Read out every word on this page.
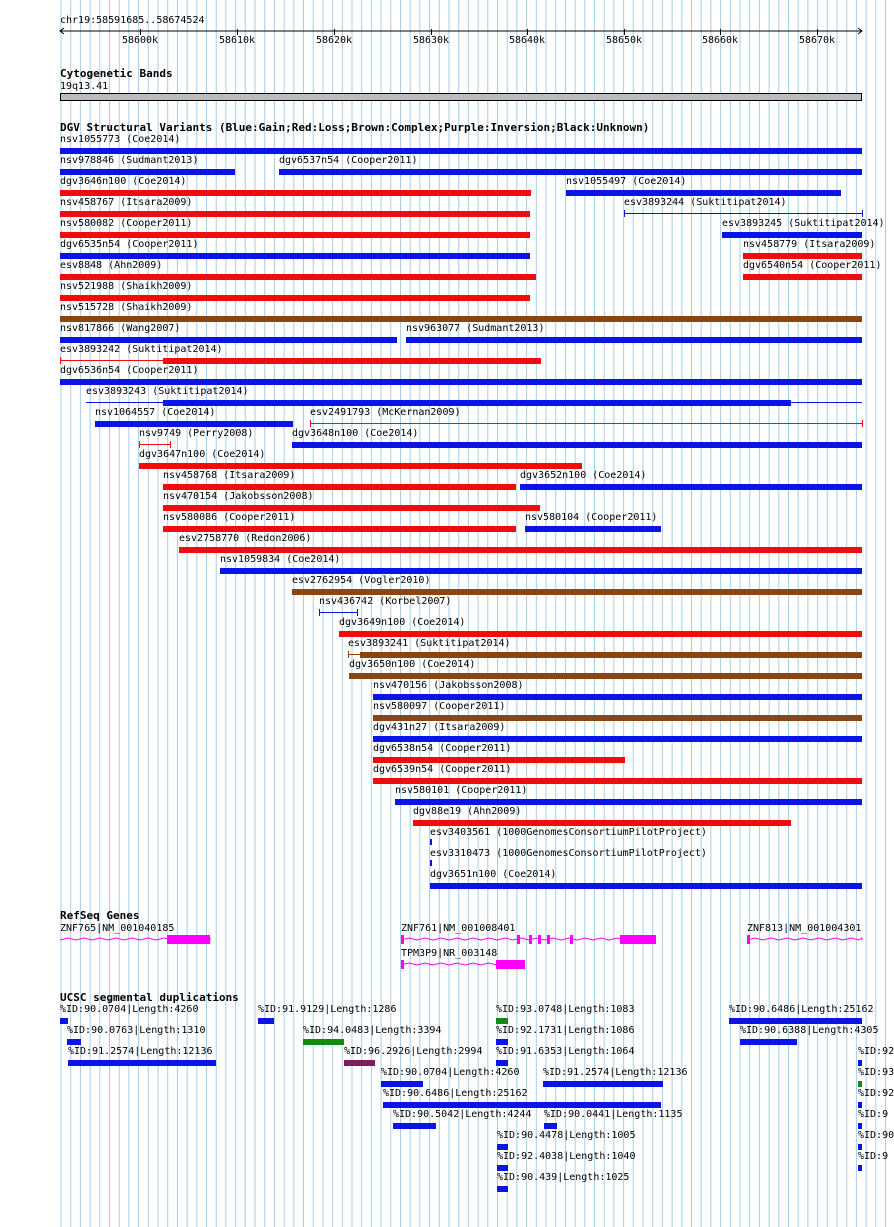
chr19:58591685..58674524
58600k	58610k	58620k	58630k	58640k	58650k	58660k	58670k
Cytogenetic Bands
19q13.41
DGV Structural Variants (Blue:Gain;Red:Loss;Brown:Complex;Purple:Inversion;Black:Unknown)
nsv1055773 (Coe2014)
nsv978846 (Sudmant2013)	dgv6537n54 (Cooper2011)
dgv3646n100 (Coe2014)	nsv1055497 (Coe2014)
nsv458767 (Itsara2009)	esv3893244 (Suktitipat2014)
nsv580082 (Cooper2011)	esv3893245 (Suktitipat2014)
dgv6535n54 (Cooper2011)	nsv458779 (Itsara2009)
esv8848 (Ahn2009)	dgv6540n54 (Cooper2011)
nsv521988 (Shaikh2009)
nsv515728 (Shaikh2009)
nsv817866 (Wang2007)	nsv963077 (Sudmant2013)
esv3893242 (Suktitipat2014)
dgv6536n54 (Cooper2011)
esv3893243 (Suktitipat2014)
nsv1064557 (Coe2014)	esv2491793 (McKernan2009)
nsv9749 (Perry2008)	dgv3648n100 (Coe2014)
dgv3647n100 (Coe2014)
nsv458768 (Itsara2009)	dgv3652n100 (Coe2014)
nsv470154 (Jakobsson2008)
nsv580086 (Cooper2011)	nsv580104 (Cooper2011)
esv2758770 (Redon2006)
nsv1059834 (Coe2014)
esv2762954 (Vogler2010)
nsv436742 (Korbel2007)
dgv3649n100 (Coe2014)
esv3893241 (Suktitipat2014)
dgv3650n100 (Coe2014)
nsv470156 (Jakobsson2008)
nsv580097 (Cooper2011)
dgv431n27 (Itsara2009)
dgv6538n54 (Cooper2011)
dgv6539n54 (Cooper2011)
nsv580101 (Cooper2011)
dgv88e19 (Ahn2009)
esv3403561 (1000GenomesConsortiumPilotProject)
esv3310473 (1000GenomesConsortiumPilotProject)
dgv3651n100 (Coe2014)
RefSeq Genes
ZNF765|NM_001040185	ZNF761|NM_001008401
TPM3P9|NR_003148
ZNF813|NM_001004301
UCSC segmental duplications
%ID:90.0704|Length:4260	%ID:91.9129|Length:1286	%ID:93.0748|Length:1083	%ID:90.6486|Length:25162
%ID:90.0763|Length:1310	%ID:94.0483|Length:3394	%ID:92.1731|Length:1086	%ID:90.6388|Length:4305
%ID:91.2574|Length:12136	%ID:96.2926|Length:2994 %ID:91.6353|Length:1064	%ID:92
%ID:90.0704|Length:4260 %ID:91.2574|Length:12136	%ID:93
%ID:90.6486|Length:25162	%ID:92
%ID:90.5042|Length:4244 %ID:90.0441|Length:1135	%ID:9
%ID:90.4478|Length:1005	%ID:90
%ID:92.4038|Length:1040	%ID:9
%ID:90.439|Length:1025
